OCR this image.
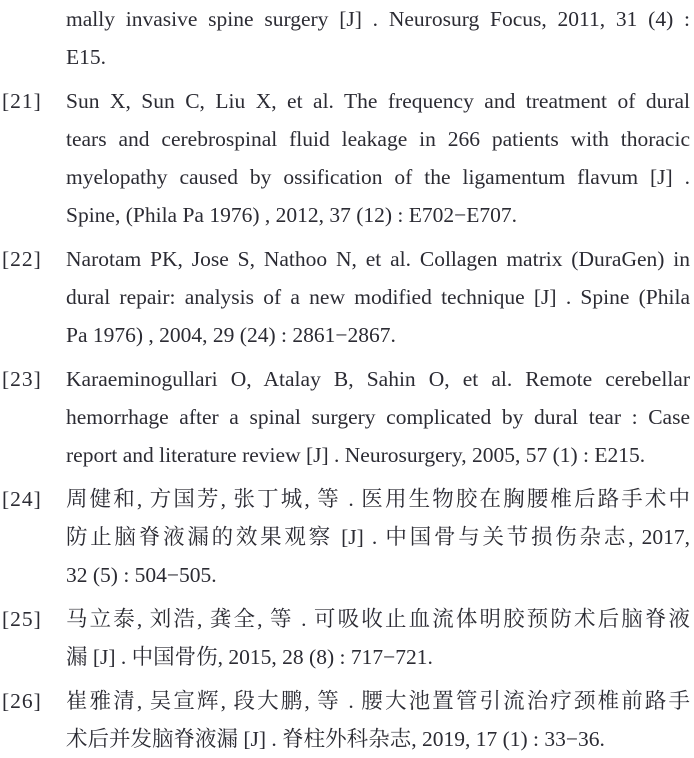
mally invasive spine surgery [J] . Neurosurg Focus, 2011, 31 (4) :
E15.
[21]	Sun X, Sun C, Liu X, et al. The frequency and treatment of dural
tears and cerebrospinal fluid leakage in 266 patients with thoracic
myelopathy caused by ossification of the ligamentum flavum [J] .
Spine, (Phila Pa 1976) , 2012, 37 (12) : E702−E707.
[22]	Narotam PK, Jose S, Nathoo N, et al. Collagen matrix (DuraGen) in
dural repair: analysis of a new modified technique [J] . Spine (Phila
Pa 1976) , 2004, 29 (24) : 2861−2867.
[23]	Karaeminogullari O, Atalay B, Sahin O, et al. Remote cerebellar
hemorrhage after a spinal surgery complicated by dural tear : Case
report and literature review [J] . Neurosurgery, 2005, 57 (1) : E215.
[24]	周健和, 方国芳, 张丁城, 等 . 医用生物胶在胸腰椎后路手术中
防止脑脊液漏的效果观察 [J] . 中国骨与关节损伤杂志, 2017,
32 (5) : 504−505.
[25]	马立泰, 刘浩, 龚全, 等 . 可吸收止血流体明胶预防术后脑脊液
漏 [J] . 中国骨伤, 2015, 28 (8) : 717−721.
[26]	崔雅清, 吴宣辉, 段大鹏, 等 . 腰大池置管引流治疗颈椎前路手
术后并发脑脊液漏 [J] . 脊柱外科杂志, 2019, 17 (1) : 33−36.
